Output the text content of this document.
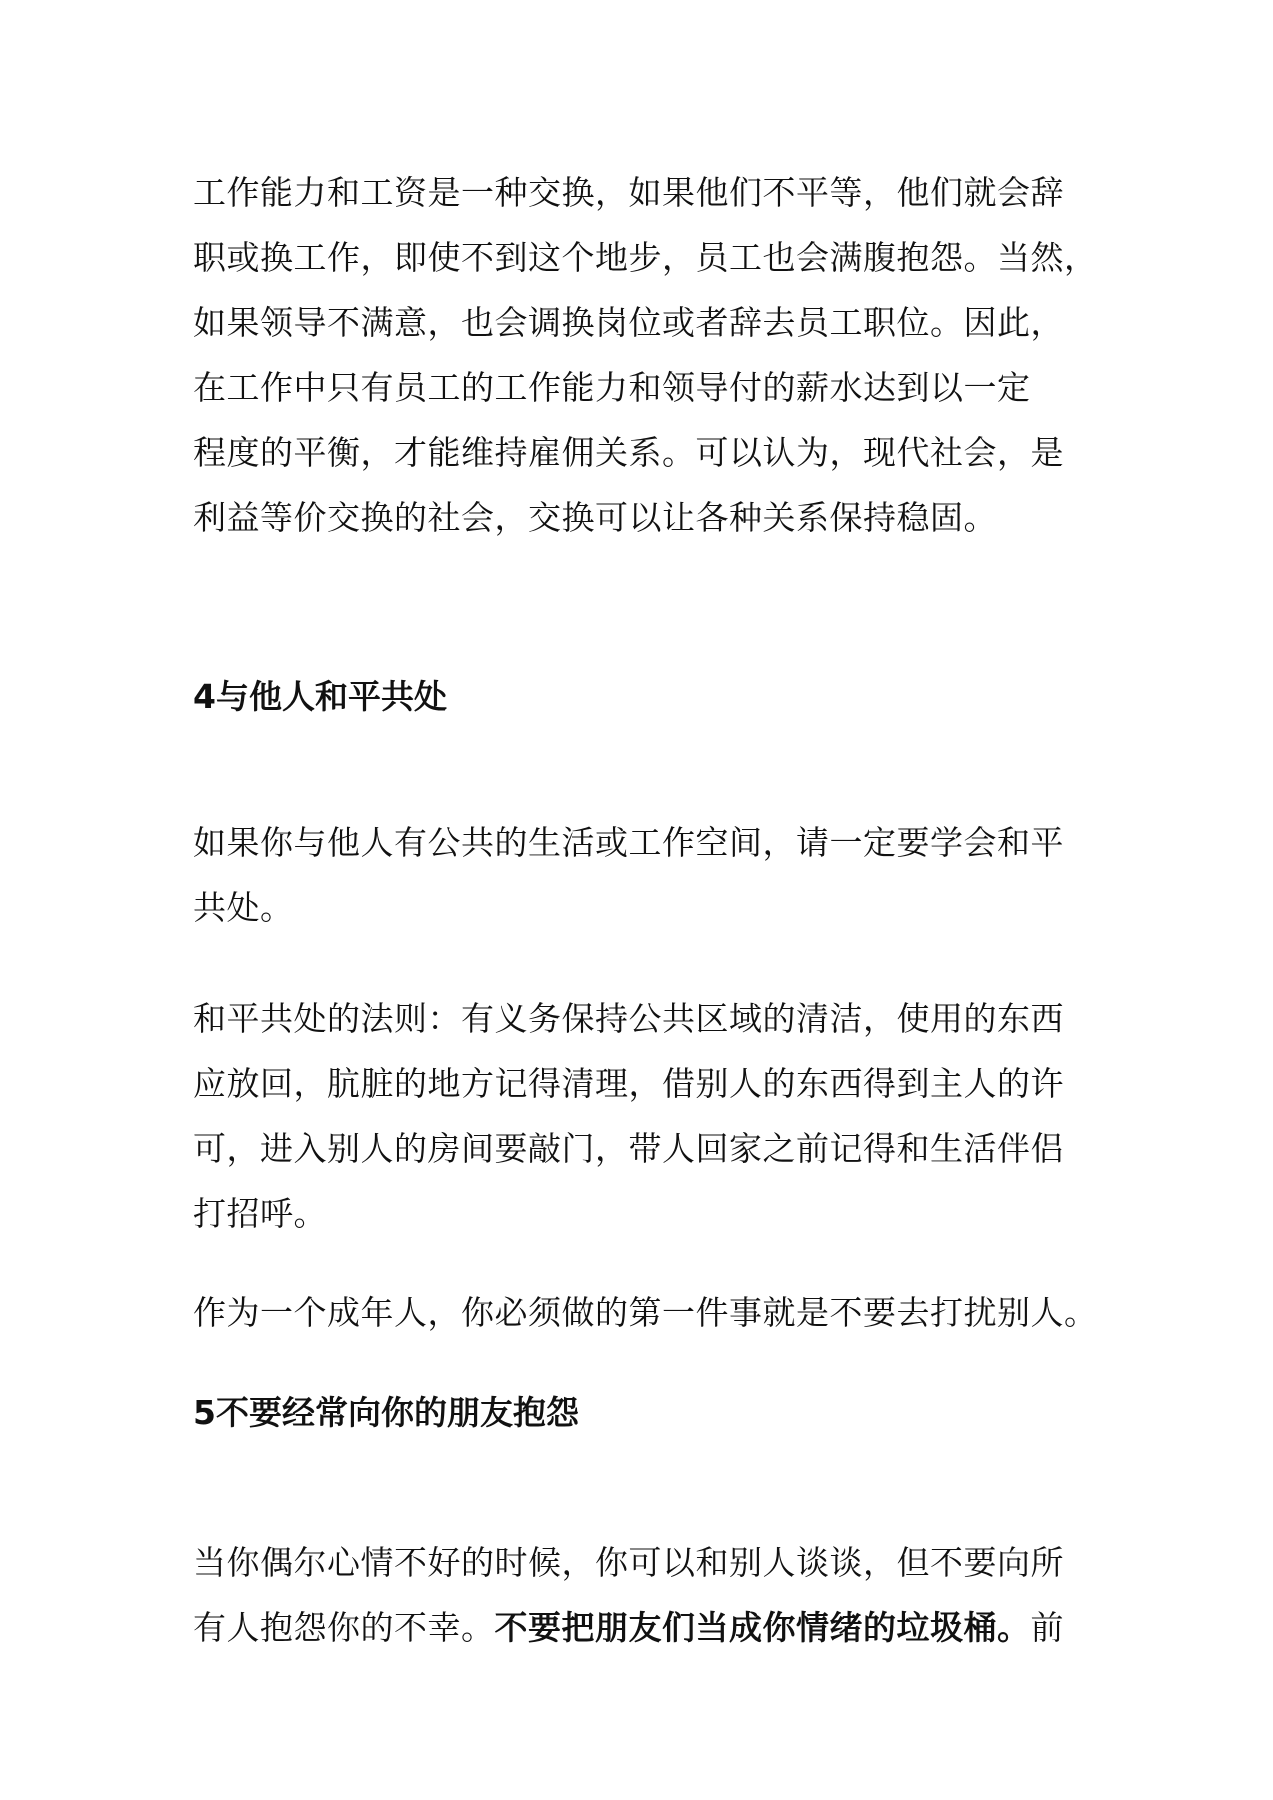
工作能力和工资是一种交换，如果他们不平等，他们就会辞
职或换工作，即使不到这个地步，员工也会满腹抱怨。当然，
如果领导不满意，也会调换岗位或者辞去员工职位。因此，
在工作中只有员工的工作能力和领导付的薪水达到以一定
程度的平衡，才能维持雇佣关系。可以认为，现代社会，是
利益等价交换的社会，交换可以让各种关系保持稳固。

4与他人和平共处

如果你与他人有公共的生活或工作空间，请一定要学会和平
共处。

和平共处的法则：有义务保持公共区域的清洁，使用的东西
应放回，肮脏的地方记得清理，借别人的东西得到主人的许
可，进入别人的房间要敲门，带人回家之前记得和生活伴侣
打招呼。

作为一个成年人，你必须做的第一件事就是不要去打扰别人。

5不要经常向你的朋友抱怨

当你偶尔心情不好的时候，你可以和别人谈谈，但不要向所
有人抱怨你的不幸。不要把朋友们当成你情绪的垃圾桶。前
